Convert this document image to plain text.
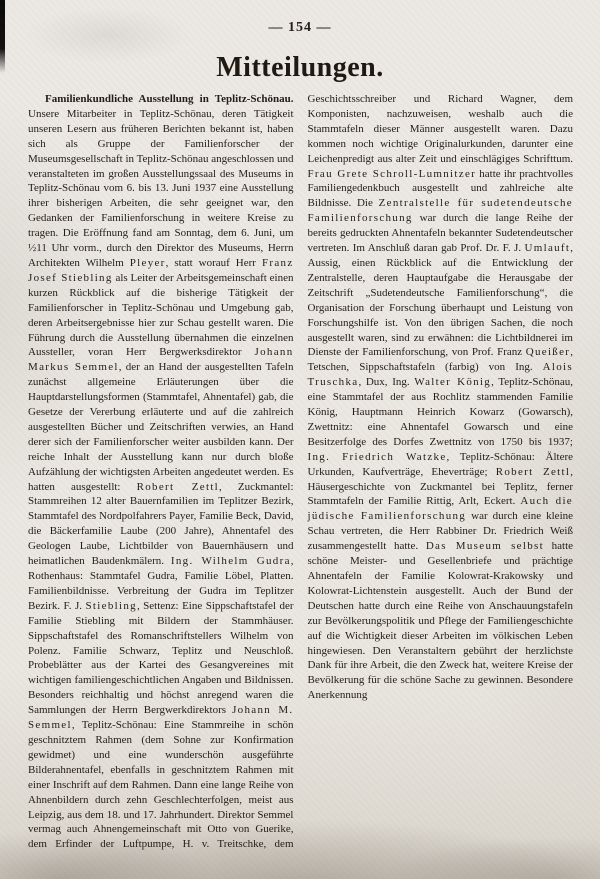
— 154 —
Mitteilungen.

Familienkundliche Ausstellung in Teplitz-Schönau. Unsere Mitarbeiter in Teplitz-Schönau, deren Tätigkeit unseren Lesern aus früheren Berichten bekannt ist, haben sich als Gruppe der Familienforscher der Museumsgesellschaft in Teplitz-Schönau angeschlossen und veranstalteten im großen Ausstellungssaal des Museums in Teplitz-Schönau vom 6. bis 13. Juni 1937 eine Ausstellung ihrer bisherigen Arbeiten, die sehr geeignet war, den Gedanken der Familienforschung in weitere Kreise zu tragen. Die Eröffnung fand am Sonntag, dem 6. Juni, um ½11 Uhr vorm., durch den Direktor des Museums, Herrn Architekten Wilhelm Pleyer, statt worauf Herr Franz Josef Stiebling als Leiter der Arbeitsgemeinschaft einen kurzen Rückblick auf die bisherige Tätigkeit der Familienforscher in Teplitz-Schönau und Umgebung gab, deren Arbeitsergebnisse hier zur Schau gestellt waren. Die Führung durch die Ausstellung übernahmen die einzelnen Aussteller, voran Herr Bergwerksdirektor Johann Markus Semmel, der an Hand der ausgestellten Tafeln zunächst allgemeine Erläuterungen über die Hauptdarstellungsformen (Stammtafel, Ahnentafel) gab, die Gesetze der Vererbung erläuterte und auf die zahlreich ausgestellten Bücher und Zeitschriften verwies, an Hand derer sich der Familienforscher weiter ausbilden kann. Der reiche Inhalt der Ausstellung kann nur durch bloße Aufzählung der wichtigsten Arbeiten angedeutet werden. Es hatten ausgestellt: Robert Zettl, Zuckmantel: Stammreihen 12 alter Bauernfamilien im Teplitzer Bezirk, Stammtafel des Nordpolfahrers Payer, Familie Beck, David, die Bäckerfamilie Laube (200 Jahre), Ahnentafel des Geologen Laube, Lichtbilder von Bauernhäusern und heimatlichen Baudenkmälern. Ing. Wilhelm Gudra, Rothenhaus: Stammtafel Gudra, Familie Löbel, Platten. Familienbildnisse. Verbreitung der Gudra im Teplitzer Bezirk. F. J. Stiebling, Settenz: Eine Sippschaftstafel der Familie Stiebling mit Bildern der Stammhäuser. Sippschaftstafel des Romanschriftstellers Wilhelm von Polenz. Familie Schwarz, Teplitz und Neuschloß. Probeblätter aus der Kartei des Gesangvereines mit wichtigen familiengeschichtlichen Angaben und Bildnissen. Besonders reichhaltig und höchst anregend waren die Sammlungen der Herrn Bergwerkdirektors Johann M. Semmel, Teplitz-Schönau: Eine Stammreihe in schön geschnitztem Rahmen (dem Sohne zur Konfirmation gewidmet) und eine wunderschön ausgeführte Bilderahnentafel, ebenfalls in geschnitztem Rahmen mit einer Inschrift auf dem Rahmen. Dann eine lange Reihe von Ahnenbildern durch zehn Geschlechterfolgen, meist aus Leipzig, aus dem 18. und 17. Jahrhundert. Direktor Semmel vermag auch Ahnengemeinschaft mit Otto von Guerike, dem Erfinder der Luftpumpe, H. v. Treitschke, dem Geschichtsschreiber und Richard Wagner, dem Komponisten, nachzuweisen, weshalb auch die Stammtafeln dieser Männer ausgestellt waren. Dazu kommen noch wichtige Originalurkunden, darunter eine Leichenpredigt aus alter Zeit und einschlägiges Schrifttum. Frau Grete Schroll-Lumnitzer hatte ihr prachtvolles Familiengedenkbuch ausgestellt und zahlreiche alte Bildnisse. Die Zentralstelle für sudetendeutsche Familienforschung war durch die lange Reihe der bereits gedruckten Ahnentafeln bekannter Sudetendeutscher vertreten. Im Anschluß daran gab Prof. Dr. F. J. Umlauft, Aussig, einen Rückblick auf die Entwicklung der Zentralstelle, deren Hauptaufgabe die Herausgabe der Zeitschrift „Sudetendeutsche Familienforschung“, die Organisation der Forschung überhaupt und Leistung von Forschungshilfe ist. Von den übrigen Sachen, die noch ausgestellt waren, sind zu erwähnen: die Lichtbildnerei im Dienste der Familienforschung, von Prof. Franz Queißer, Tetschen, Sippschaftstafeln (farbig) von Ing. Alois Truschka, Dux, Ing. Walter König, Teplitz-Schönau, eine Stammtafel der aus Rochlitz stammenden Familie König, Hauptmann Heinrich Kowarz (Gowarsch), Zwettnitz: eine Ahnentafel Gowarsch und eine Besitzerfolge des Dorfes Zwettnitz von 1750 bis 1937; Ing. Friedrich Watzke, Teplitz-Schönau: Ältere Urkunden, Kaufverträge, Eheverträge; Robert Zettl, Häusergeschichte von Zuckmantel bei Teplitz, ferner Stammtafeln der Familie Rittig, Arlt, Eckert. Auch die jüdische Familienforschung war durch eine kleine Schau vertreten, die Herr Rabbiner Dr. Friedrich Weiß zusammengestellt hatte. Das Museum selbst hatte schöne Meister- und Gesellenbriefe und prächtige Ahnentafeln der Familie Kolowrat-Krakowsky und Kolowrat-Lichtenstein ausgestellt. Auch der Bund der Deutschen hatte durch eine Reihe von Anschauungstafeln zur Bevölkerungspolitik und Pflege der Familiengeschichte auf die Wichtigkeit dieser Arbeiten im völkischen Leben hingewiesen. Den Veranstaltern gebührt der herzlichste Dank für ihre Arbeit, die den Zweck hat, weitere Kreise der Bevölkerung für die schöne Sache zu gewinnen. Besondere Anerkennung
